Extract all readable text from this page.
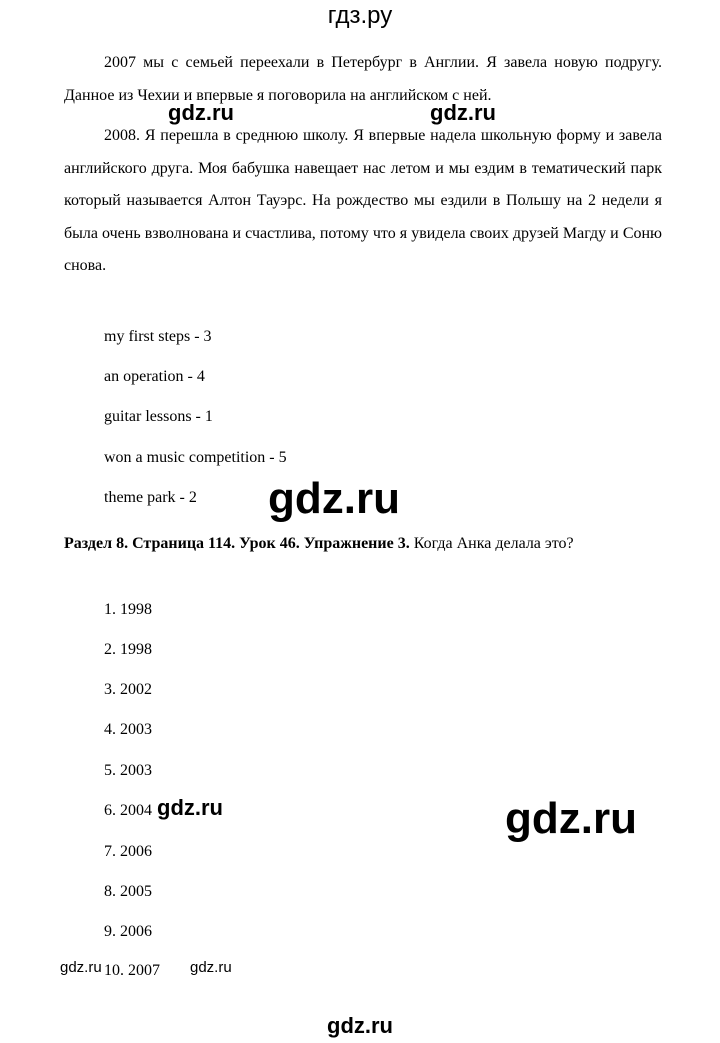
гдз.ру

2007 мы с семьей переехали в Петербург в Англии. Я завела новую подругу. Данное из Чехии и впервые я поговорила на английском с ней.

2008. Я перешла в среднюю школу. Я впервые надела школьную форму и завела английского друга. Моя бабушка навещает нас летом и мы ездим в тематический парк который называется Алтон Тауэрс. На рождество мы ездили в Польшу на 2 недели я была очень взволнована и счастлива, потому что я увидела своих друзей Магду и Соню снова.

my first steps - 3
an operation - 4
guitar lessons - 1
won a music competition - 5
theme park - 2
Раздел 8. Страница 114. Урок 46. Упражнение 3. Когда Анка делала это?
1. 1998
2. 1998
3. 2002
4. 2003
5. 2003
6. 2004
7. 2006
8. 2005
9. 2006
10. 2007
gdz.ru	gdz.ru
gdz.ru
gdz.ru	gdz.ru
gdz.ru	gdz.ru
gdz.ru
